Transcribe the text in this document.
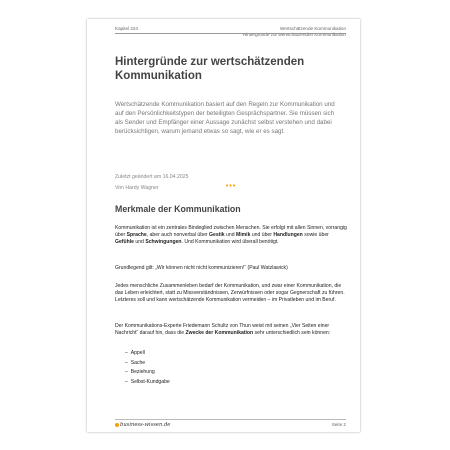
Kapitel 224	Wertschätzende Kommunikation
Hintergründe zur wertschätzenden Kommunikation
Hintergründe zur wertschätzenden Kommunikation
Wertschätzende Kommunikation basiert auf den Regeln zur Kommunikation und auf den Persönlichkeitstypen der beteiligten Gesprächspartner. Sie müssen sich als Sender und Empfänger einer Aussage zunächst selbst verstehen und dabei berücksichtigen, warum jemand etwas so sagt, wie er es sagt.
Zuletzt geändert am 16.04.2025
Von Hardy Wagner	•••
Merkmale der Kommunikation
Kommunikation ist ein zentrales Bindeglied zwischen Menschen. Sie erfolgt mit allen Sinnen, vorrangig über Sprache, aber auch nonverbal über Gestik und Mimik und über Handlungen sowie über Gefühle und Schwingungen. Und Kommunikation wird überall benötigt.
Grundlegend gilt: „Wir können nicht nicht kommunizieren!“ (Paul Watzlawick)
Jedes menschliche Zusammenleben bedarf der Kommunikation, und zwar einer Kommunikation, die das Leben erleichtert, statt zu Missverständnissen, Zerwürfnissen oder sogar Gegnerschaft zu führen. Letzteres soll und kann wertschätzende Kommunikation vermeiden – im Privatleben und im Beruf.
Der Kommunikations-Experte Friedemann Schultz von Thun weist mit seinen „Vier Seiten einer Nachricht“ darauf hin, dass die Zwecke der Kommunikation sehr unterschiedlich sein können:
– Appell
– Sache
– Beziehung
– Selbst-Kundgabe
business-wissen.de	Seite 2
